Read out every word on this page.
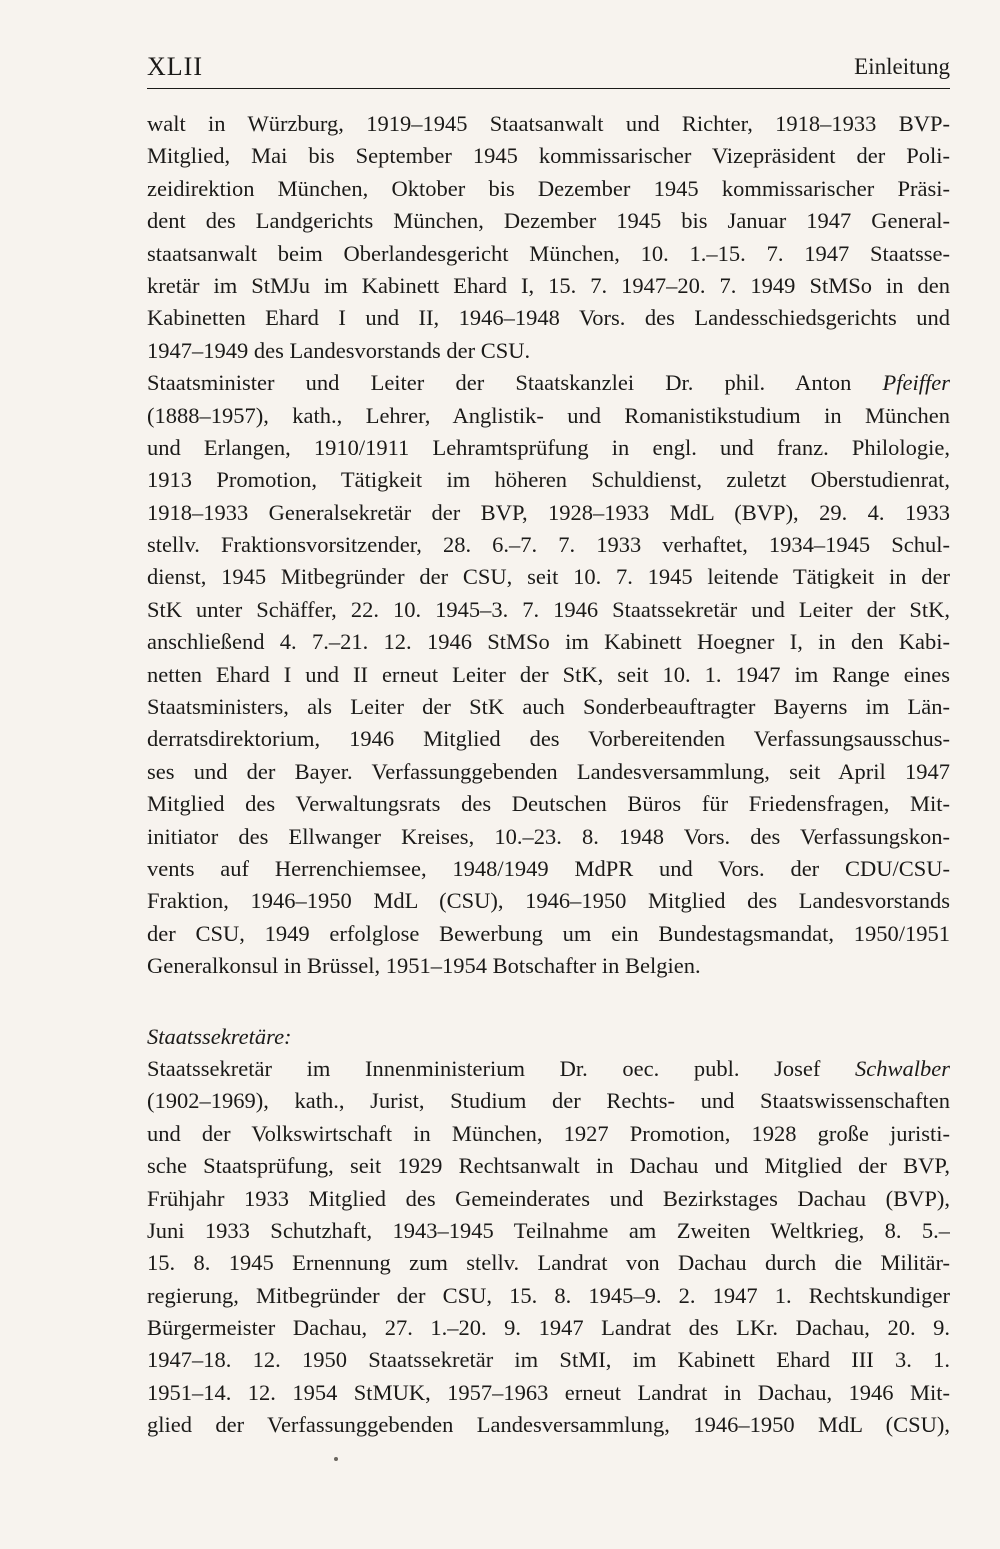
XLII	Einleitung
walt in Würzburg, 1919–1945 Staatsanwalt und Richter, 1918–1933 BVP-
Mitglied, Mai bis September 1945 kommissarischer Vizepräsident der Poli-
zeidirektion München, Oktober bis Dezember 1945 kommissarischer Präsi-
dent des Landgerichts München, Dezember 1945 bis Januar 1947 General-
staatsanwalt beim Oberlandesgericht München, 10. 1.–15. 7. 1947 Staatsse-
kretär im StMJu im Kabinett Ehard I, 15. 7. 1947–20. 7. 1949 StMSo in den
Kabinetten Ehard I und II, 1946–1948 Vors. des Landesschiedsgerichts und
1947–1949 des Landesvorstands der CSU.
Staatsminister und Leiter der Staatskanzlei Dr. phil. Anton Pfeiffer
(1888–1957), kath., Lehrer, Anglistik- und Romanistikstudium in München
und Erlangen, 1910/1911 Lehramtsprüfung in engl. und franz. Philologie,
1913 Promotion, Tätigkeit im höheren Schuldienst, zuletzt Oberstudienrat,
1918–1933 Generalsekretär der BVP, 1928–1933 MdL (BVP), 29. 4. 1933
stellv. Fraktionsvorsitzender, 28. 6.–7. 7. 1933 verhaftet, 1934–1945 Schul-
dienst, 1945 Mitbegründer der CSU, seit 10. 7. 1945 leitende Tätigkeit in der
StK unter Schäffer, 22. 10. 1945–3. 7. 1946 Staatssekretär und Leiter der StK,
anschließend 4. 7.–21. 12. 1946 StMSo im Kabinett Hoegner I, in den Kabi-
netten Ehard I und II erneut Leiter der StK, seit 10. 1. 1947 im Range eines
Staatsministers, als Leiter der StK auch Sonderbeauftragter Bayerns im Län-
derratsdirektorium, 1946 Mitglied des Vorbereitenden Verfassungsausschus-
ses und der Bayer. Verfassunggebenden Landesversammlung, seit April 1947
Mitglied des Verwaltungsrats des Deutschen Büros für Friedensfragen, Mit-
initiator des Ellwanger Kreises, 10.–23. 8. 1948 Vors. des Verfassungskon-
vents auf Herrenchiemsee, 1948/1949 MdPR und Vors. der CDU/CSU-
Fraktion, 1946–1950 MdL (CSU), 1946–1950 Mitglied des Landesvorstands
der CSU, 1949 erfolglose Bewerbung um ein Bundestagsmandat, 1950/1951
Generalkonsul in Brüssel, 1951–1954 Botschafter in Belgien.
Staatssekretäre:
Staatssekretär im Innenministerium Dr. oec. publ. Josef Schwalber
(1902–1969), kath., Jurist, Studium der Rechts- und Staatswissenschaften
und der Volkswirtschaft in München, 1927 Promotion, 1928 große juristi-
sche Staatsprüfung, seit 1929 Rechtsanwalt in Dachau und Mitglied der BVP,
Frühjahr 1933 Mitglied des Gemeinderates und Bezirkstages Dachau (BVP),
Juni 1933 Schutzhaft, 1943–1945 Teilnahme am Zweiten Weltkrieg, 8. 5.–
15. 8. 1945 Ernennung zum stellv. Landrat von Dachau durch die Militär-
regierung, Mitbegründer der CSU, 15. 8. 1945–9. 2. 1947 1. Rechtskundiger
Bürgermeister Dachau, 27. 1.–20. 9. 1947 Landrat des LKr. Dachau, 20. 9.
1947–18. 12. 1950 Staatssekretär im StMI, im Kabinett Ehard III 3. 1.
1951–14. 12. 1954 StMUK, 1957–1963 erneut Landrat in Dachau, 1946 Mit-
glied der Verfassunggebenden Landesversammlung, 1946–1950 MdL (CSU),
